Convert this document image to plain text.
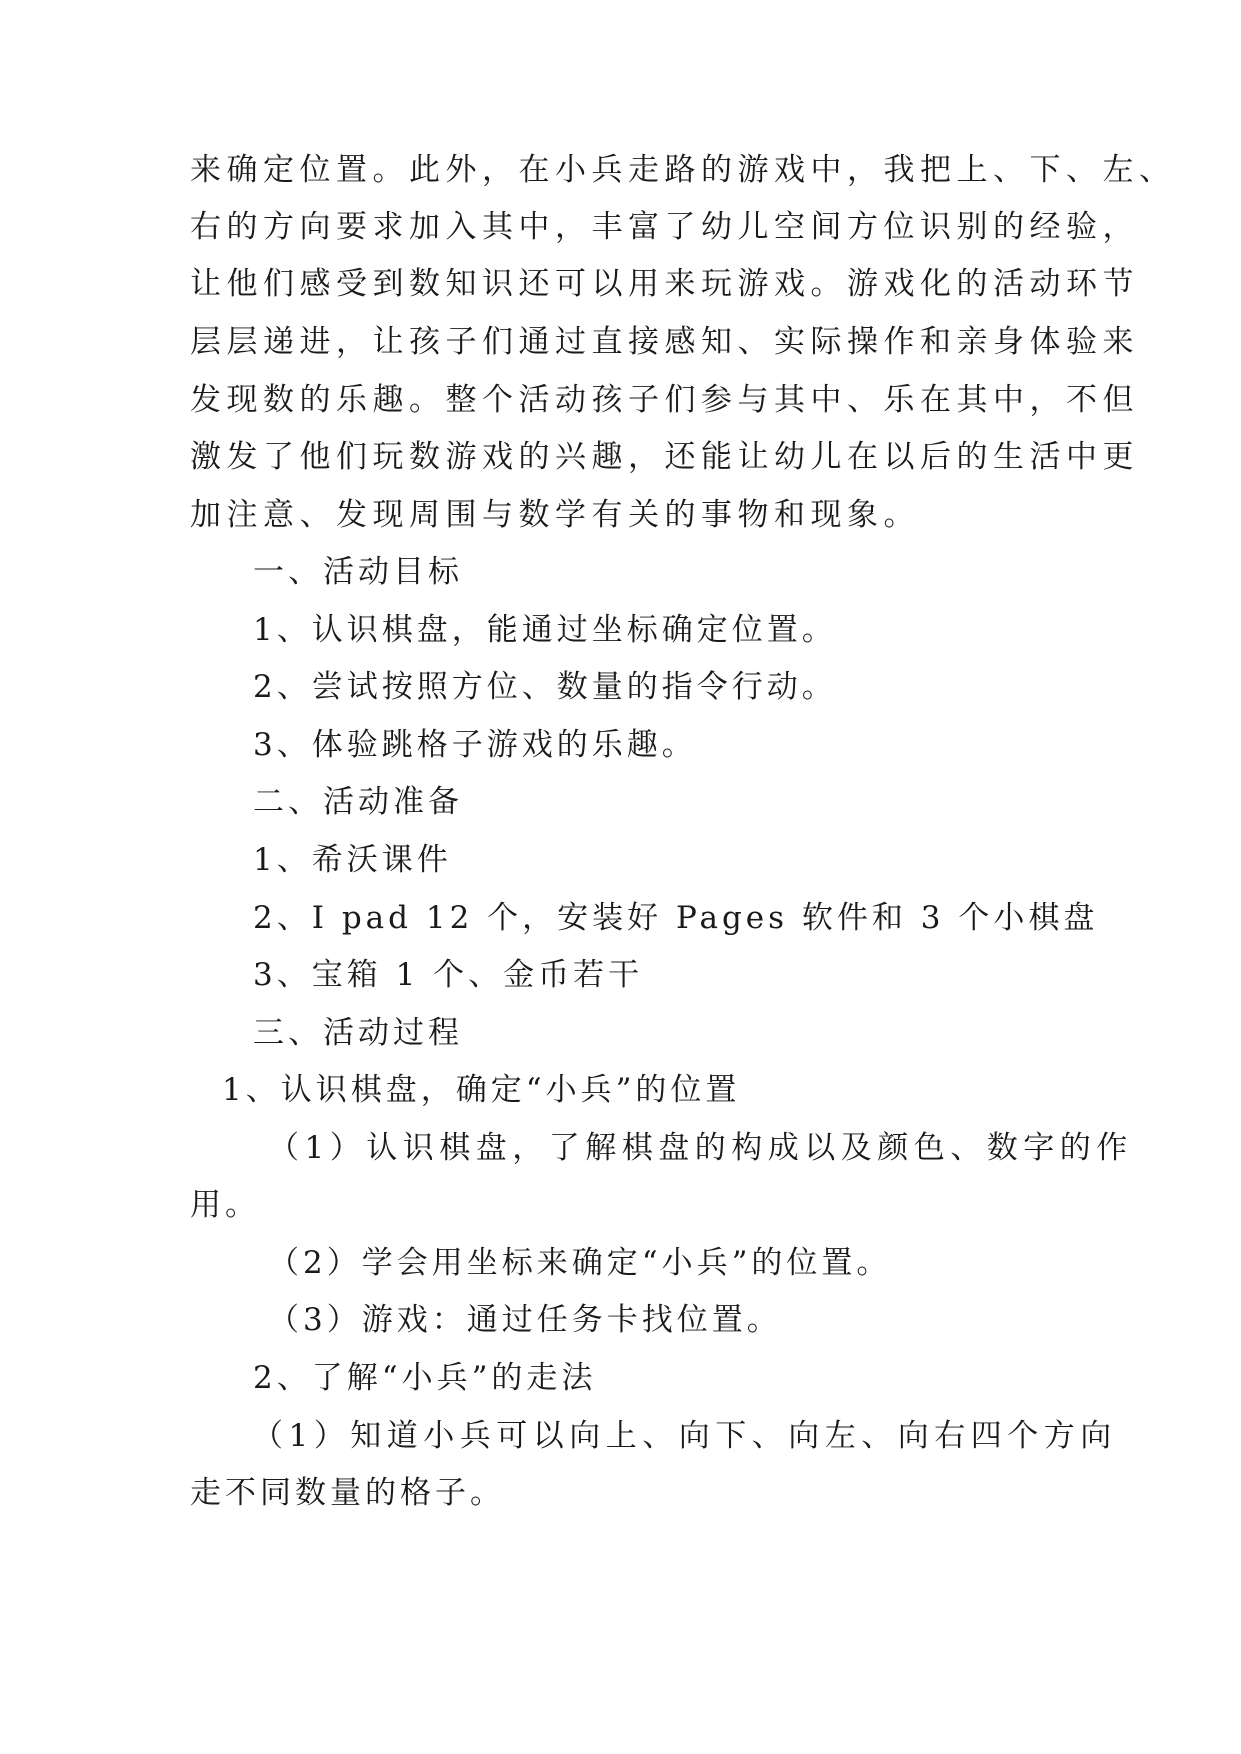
来确定位置。此外，在小兵走路的游戏中，我把上、下、左、
右的方向要求加入其中，丰富了幼儿空间方位识别的经验，
让他们感受到数知识还可以用来玩游戏。游戏化的活动环节
层层递进，让孩子们通过直接感知、实际操作和亲身体验来
发现数的乐趣。整个活动孩子们参与其中、乐在其中，不但
激发了他们玩数游戏的兴趣，还能让幼儿在以后的生活中更
加注意、发现周围与数学有关的事物和现象。
一、活动目标
1、认识棋盘，能通过坐标确定位置。
2、尝试按照方位、数量的指令行动。
3、体验跳格子游戏的乐趣。
二、活动准备
1、希沃课件
2、I pad 12 个，安装好 Pages 软件和 3 个小棋盘
3、宝箱 1 个、金币若干
三、活动过程
1、认识棋盘，确定“小兵”的位置
（1）认识棋盘，了解棋盘的构成以及颜色、数字的作
用。
（2）学会用坐标来确定“小兵”的位置。
（3）游戏：通过任务卡找位置。
2、了解“小兵”的走法
（1）知道小兵可以向上、向下、向左、向右四个方向
走不同数量的格子。
